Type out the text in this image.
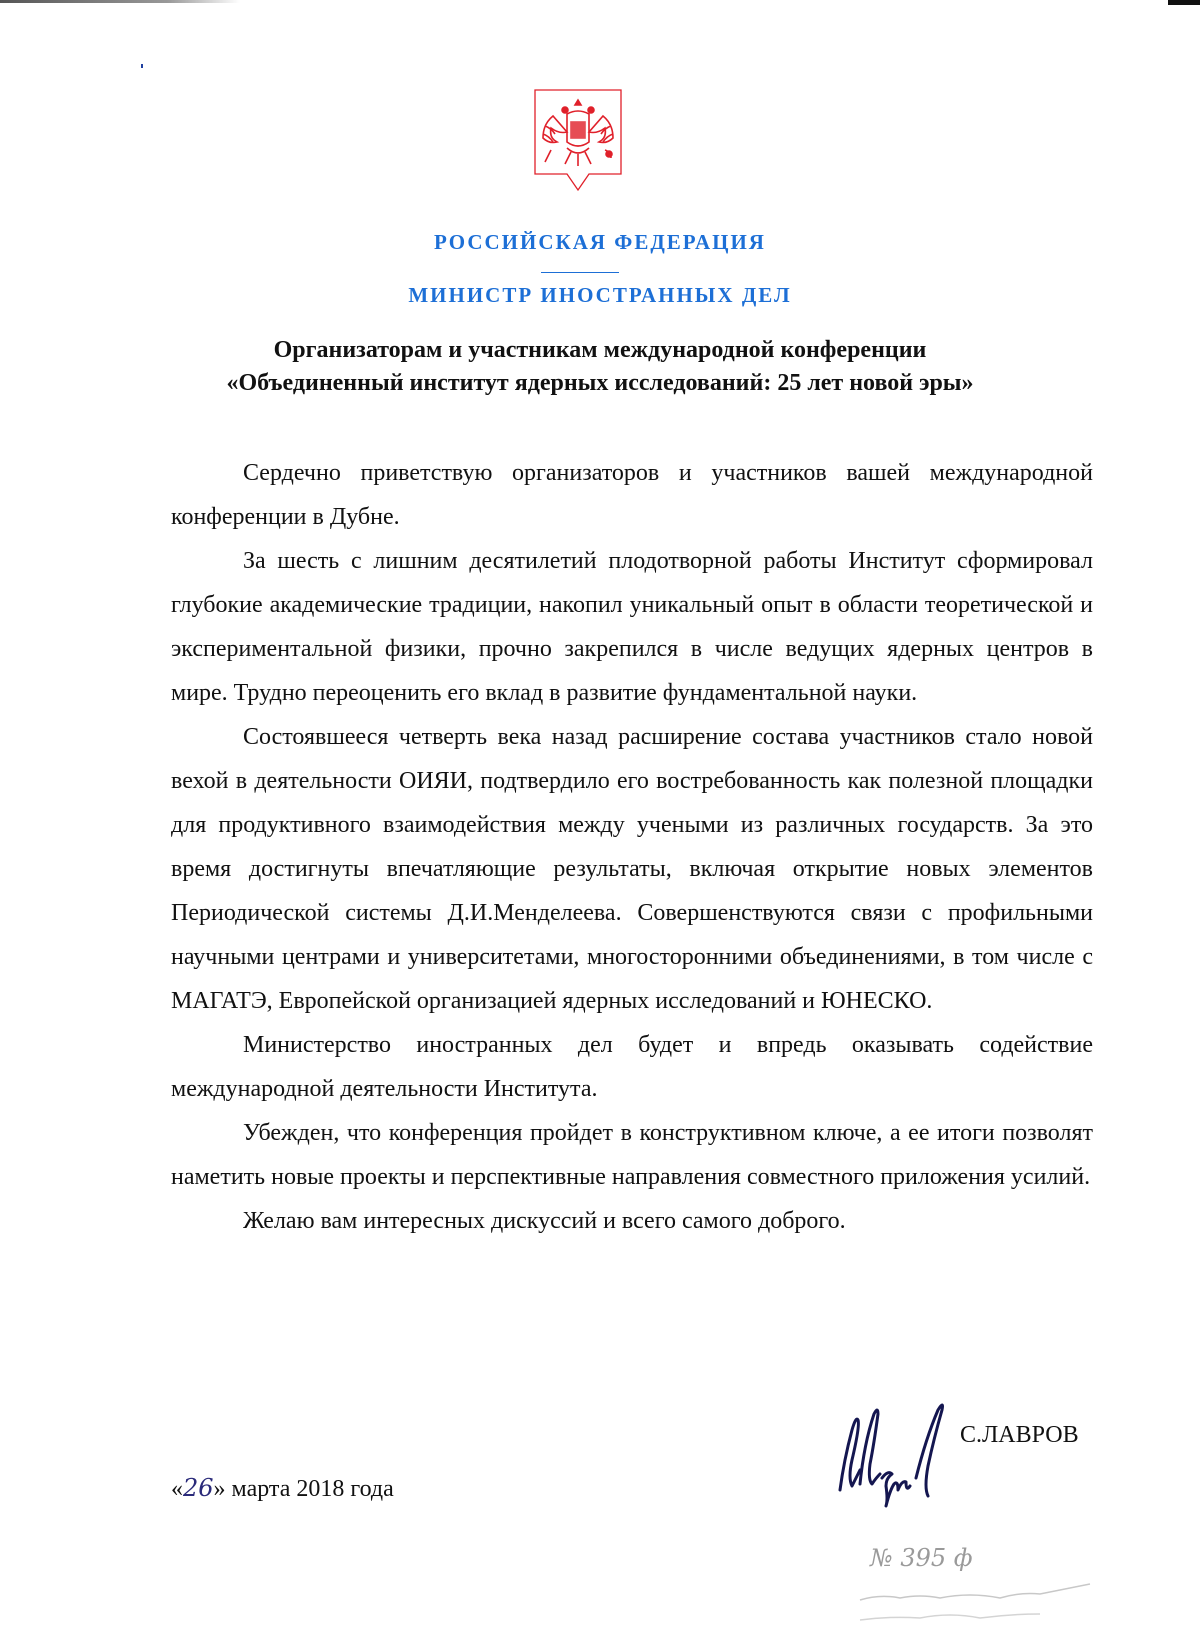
РОССИЙСКАЯ ФЕДЕРАЦИЯ
МИНИСТР ИНОСТРАННЫХ ДЕЛ
Организаторам и участникам международной конференции
«Объединенный институт ядерных исследований: 25 лет новой эры»

Сердечно приветствую организаторов и участников вашей международной конференции в Дубне.

За шесть с лишним десятилетий плодотворной работы Институт сформировал глубокие академические традиции, накопил уникальный опыт в области теоретической и экспериментальной физики, прочно закрепился в числе ведущих ядерных центров в мире. Трудно переоценить его вклад в развитие фундаментальной науки.

Состоявшееся четверть века назад расширение состава участников стало новой вехой в деятельности ОИЯИ, подтвердило его востребованность как полезной площадки для продуктивного взаимодействия между учеными из различных государств. За это время достигнуты впечатляющие результаты, включая открытие новых элементов Периодической системы Д.И.Менделеева. Совершенствуются связи с профильными научными центрами и университетами, многосторонними объединениями, в том числе с МАГАТЭ, Европейской организацией ядерных исследований и ЮНЕСКО.

Министерство иностранных дел будет и впредь оказывать содействие международной деятельности Института.

Убежден, что конференция пройдет в конструктивном ключе, а ее итоги позволят наметить новые проекты и перспективные направления совместного приложения усилий.

Желаю вам интересных дискуссий и всего самого доброго.

С.ЛАВРОВ
«26» марта 2018 года
№ 395 ф
